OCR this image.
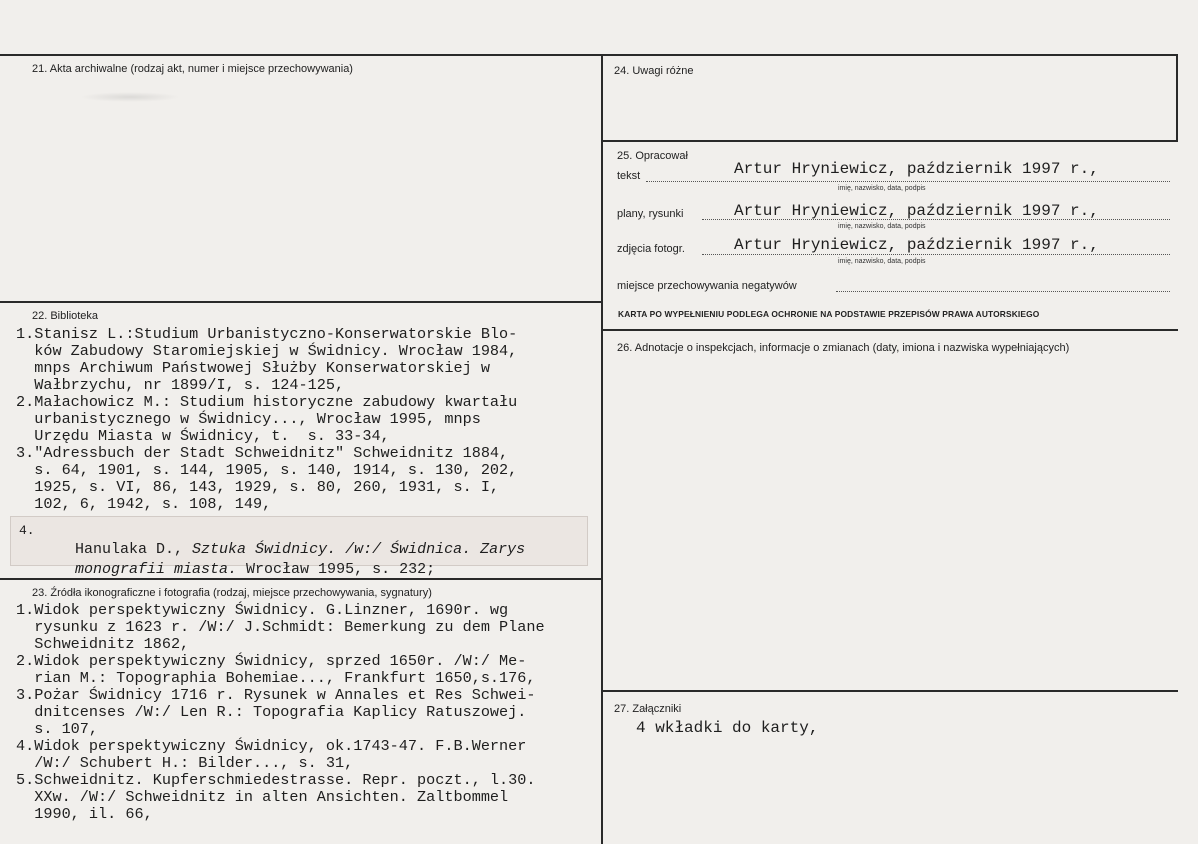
21. Akta archiwalne (rodzaj akt, numer i miejsce przechowywania)
22. Biblioteka
1.Stanisz L.:Studium Urbanistyczno-Konserwatorskie Blo-
ków Zabudowy Staromiejskiej w Świdnicy. Wrocław 1984,
mnps Archiwum Państwowej Służby Konserwatorskiej w
Wałbrzychu, nr 1899/I, s. 124-125,
2.Małachowicz M.: Studium historyczne zabudowy kwartału
urbanistycznego w Świdnicy..., Wrocław 1995, mnps
Urzędu Miasta w Świdnicy, t.  s. 33-34,
3."Adressbuch der Stadt Schweidnitz" Schweidnitz 1884,
s. 64, 1901, s. 144, 1905, s. 140, 1914, s. 130, 202,
1925, s. VI, 86, 143, 1929, s. 80, 260, 1931, s. I,
102, 6, 1942, s. 108, 149,
4.

Hanulaka D., Sztuka Świdnicy. /w:/ Świdnica. Zarys

monografii miasta. Wrocław 1995, s. 232;

23. Źródła ikonograficzne i fotografia (rodzaj, miejsce przechowywania, sygnatury)
1.Widok perspektywiczny Świdnicy. G.Linzner, 1690r. wg
rysunku z 1623 r. /W:/ J.Schmidt: Bemerkung zu dem Plane
Schweidnitz 1862,
2.Widok perspektywiczny Świdnicy, sprzed 1650r. /W:/ Me-
rian M.: Topographia Bohemiae..., Frankfurt 1650,s.176,
3.Pożar Świdnicy 1716 r. Rysunek w Annales et Res Schwei-
dnitcenses /W:/ Len R.: Topografia Kaplicy Ratuszowej.
s. 107,
4.Widok perspektywiczny Świdnicy, ok.1743-47. F.B.Werner
/W:/ Schubert H.: Bilder..., s. 31,
5.Schweidnitz. Kupferschmiedestrasse. Repr. poczt., l.30.
XXw. /W:/ Schweidnitz in alten Ansichten. Zaltbommel
1990, il. 66,
24. Uwagi różne
25. Opracował
tekst	Artur Hryniewicz, październik 1997 r.,
imię, nazwisko, data, podpis
plany, rysunki	Artur Hryniewicz, październik 1997 r.,
imię, nazwisko, data, podpis
zdjęcia fotogr.	Artur Hryniewicz, październik 1997 r.,
imię, nazwisko, data, podpis
miejsce przechowywania negatywów
KARTA PO WYPEŁNIENIU PODLEGA OCHRONIE NA PODSTAWIE PRZEPISÓW PRAWA AUTORSKIEGO
26. Adnotacje o inspekcjach, informacje o zmianach (daty, imiona i nazwiska wypełniających)
27. Załączniki
4 wkładki do karty,
